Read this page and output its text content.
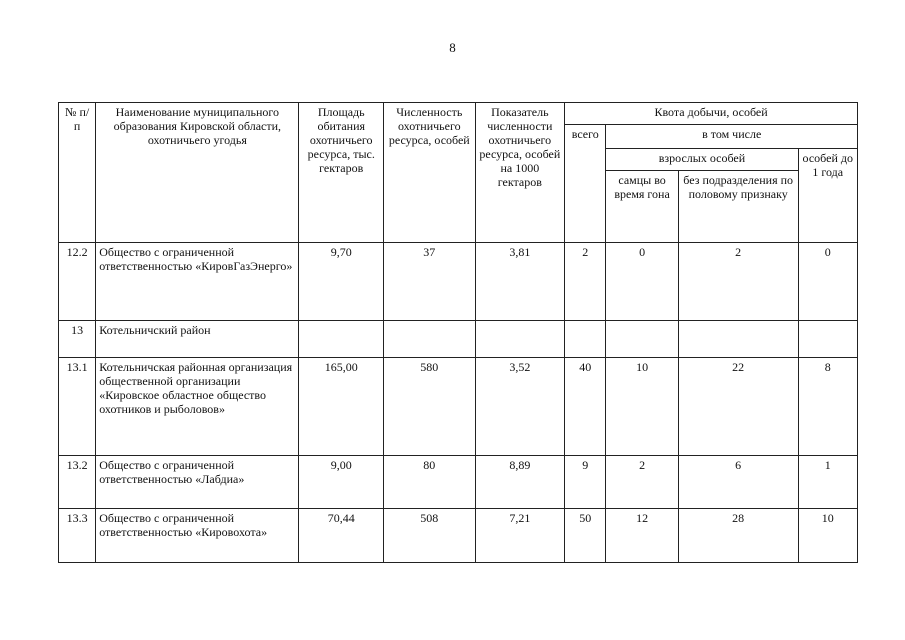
8
№ п/п	Наименование муниципального образования Кировской области, охотничьего угодья	Площадь обитания охотничьего ресурса, тыс. гектаров	Численность охотничьего ресурса, особей	Показатель численности охотничьего ресурса, особей на 1000 гектаров	Квота добычи, особей			
					всего	в том числе		
						взрослых особей		особей до 1 года
						самцы во время гона	без подразделения по половому признаку	
12.2	Общество с ограниченной ответственностью «КировГазЭнерго»	9,70	37	3,81	2	0	2	0
13	Котельничский район							
13.1	Котельничская районная организация общественной организации «Кировское областное общество охотников и рыболовов»	165,00	580	3,52	40	10	22	8
13.2	Общество с ограниченной ответственностью «Лабдиа»	9,00	80	8,89	9	2	6	1
13.3	Общество с ограниченной ответственностью «Кировохота»	70,44	508	7,21	50	12	28	10
